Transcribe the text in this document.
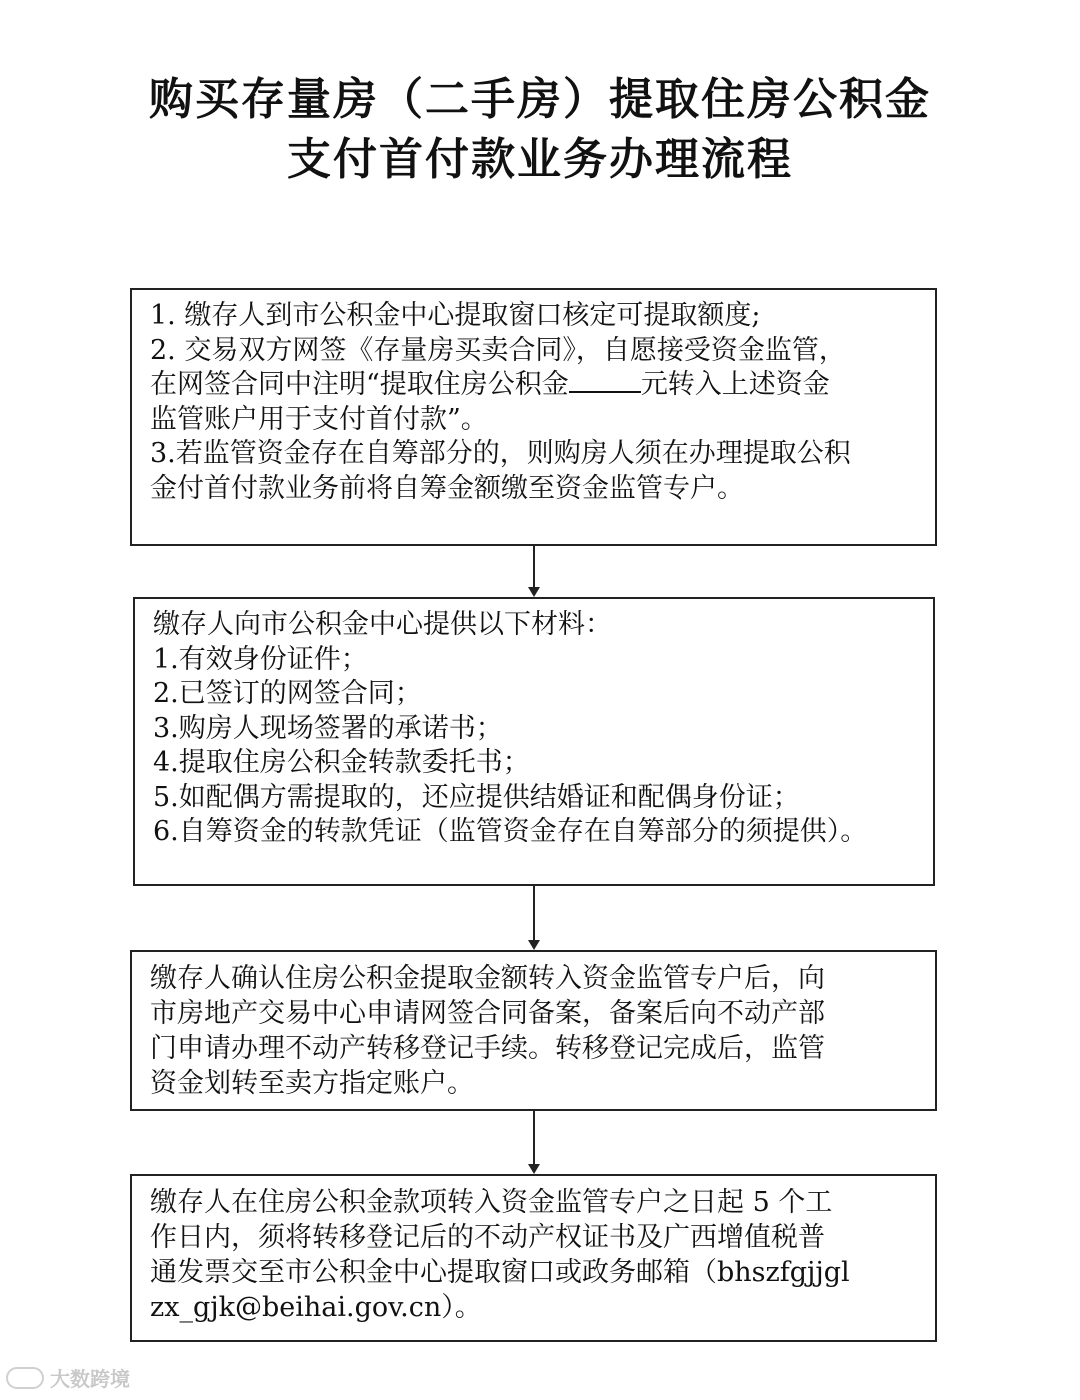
购买存量房（二手房）提取住房公积金
支付首付款业务办理流程
1. 缴存人到市公积金中心提取窗口核定可提取额度;
2. 交易双方网签《存量房买卖合同》，自愿接受资金监管，
在网签合同中注明“提取住房公积金	元转入上述资金
监管账户用于支付首付款”。
3.若监管资金存在自筹部分的，则购房人须在办理提取公积
金付首付款业务前将自筹金额缴至资金监管专户。
缴存人向市公积金中心提供以下材料：
1.有效身份证件；
2.已签订的网签合同；
3.购房人现场签署的承诺书；
4.提取住房公积金转款委托书；
5.如配偶方需提取的，还应提供结婚证和配偶身份证；
6.自筹资金的转款凭证（监管资金存在自筹部分的须提供）。
缴存人确认住房公积金提取金额转入资金监管专户后，向
市房地产交易中心申请网签合同备案，备案后向不动产部
门申请办理不动产转移登记手续。转移登记完成后，监管
资金划转至卖方指定账户。
缴存人在住房公积金款项转入资金监管专户之日起 5 个工
作日内，须将转移登记后的不动产权证书及广西增值税普
通发票交至市公积金中心提取窗口或政务邮箱（bhszfgjjgl
zx_gjk@beihai.gov.cn）。
大数跨境
